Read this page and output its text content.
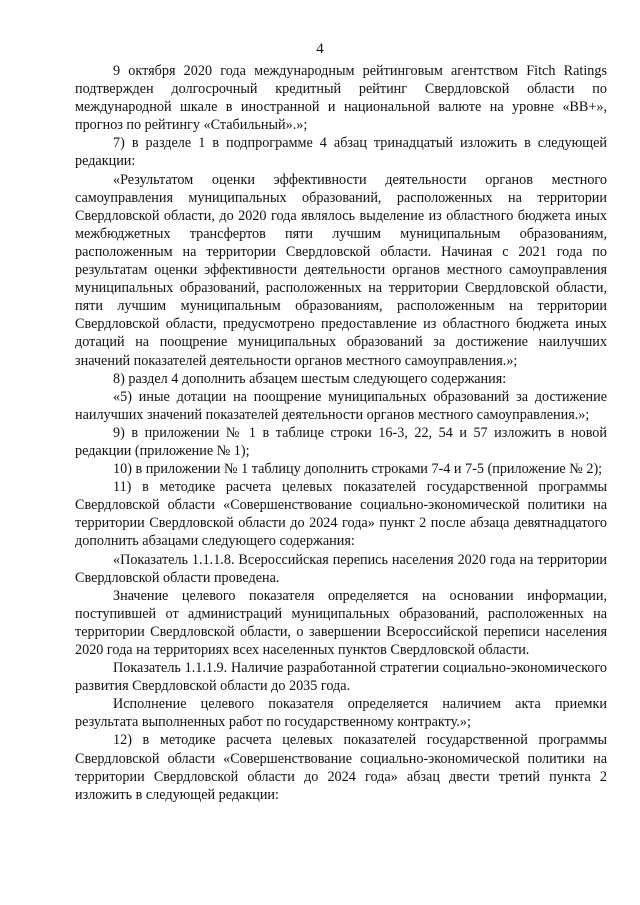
4

9 октября 2020 года международным рейтинговым агентством Fitch Ratings подтвержден долгосрочный кредитный рейтинг Свердловской области по международной шкале в иностранной и национальной валюте на уровне «BB+», прогноз по рейтингу «Стабильный».»;

7) в разделе 1 в подпрограмме 4 абзац тринадцатый изложить в следующей редакции:

«Результатом оценки эффективности деятельности органов местного самоуправления муниципальных образований, расположенных на территории Свердловской области, до 2020 года являлось выделение из областного бюджета иных межбюджетных трансфертов пяти лучшим муниципальным образованиям, расположенным на территории Свердловской области. Начиная с 2021 года по результатам оценки эффективности деятельности органов местного самоуправления муниципальных образований, расположенных на территории Свердловской области, пяти лучшим муниципальным образованиям, расположенным на территории Свердловской области, предусмотрено предоставление из областного бюджета иных дотаций на поощрение муниципальных образований за достижение наилучших значений показателей деятельности органов местного самоуправления.»;

8) раздел 4 дополнить абзацем шестым следующего содержания:

«5) иные дотации на поощрение муниципальных образований за достижение наилучших значений показателей деятельности органов местного самоуправления.»;

9) в приложении № 1 в таблице строки 16-3, 22, 54 и 57 изложить в новой редакции (приложение № 1);

10) в приложении № 1 таблицу дополнить строками 7-4 и 7-5 (приложение № 2);

11) в методике расчета целевых показателей государственной программы Свердловской области «Совершенствование социально-экономической политики на территории Свердловской области до 2024 года» пункт 2 после абзаца девятнадцатого дополнить абзацами следующего содержания:

«Показатель 1.1.1.8. Всероссийская перепись населения 2020 года на территории Свердловской области проведена.

Значение целевого показателя определяется на основании информации, поступившей от администраций муниципальных образований, расположенных на территории Свердловской области, о завершении Всероссийской переписи населения 2020 года на территориях всех населенных пунктов Свердловской области.

Показатель 1.1.1.9. Наличие разработанной стратегии социально-экономического развития Свердловской области до 2035 года.

Исполнение целевого показателя определяется наличием акта приемки результата выполненных работ по государственному контракту.»;

12) в методике расчета целевых показателей государственной программы Свердловской области «Совершенствование социально-экономической политики на территории Свердловской области до 2024 года» абзац двести третий пункта 2 изложить в следующей редакции:
